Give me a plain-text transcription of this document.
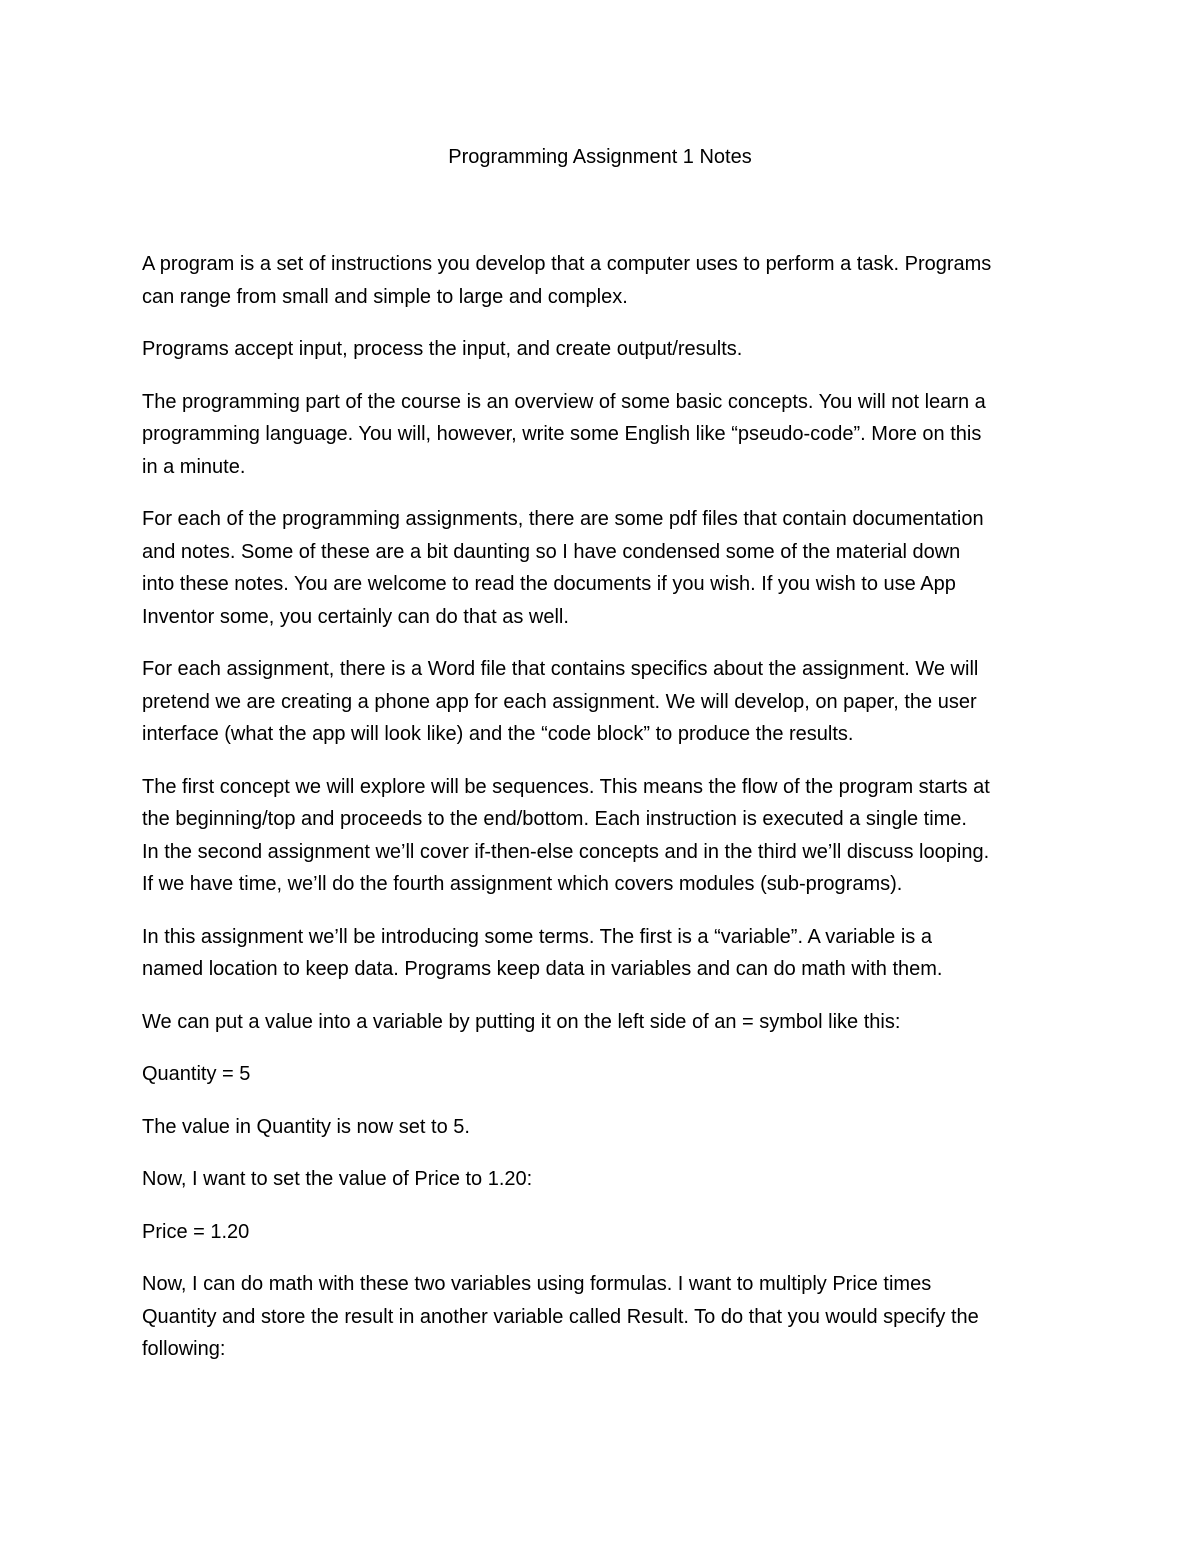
Programming Assignment 1 Notes

A program is a set of instructions you develop that a computer uses to perform a task. Programs
can range from small and simple to large and complex.

Programs accept input, process the input, and create output/results.

The programming part of the course is an overview of some basic concepts. You will not learn a
programming language. You will, however, write some English like “pseudo-code”. More on this
in a minute.

For each of the programming assignments, there are some pdf files that contain documentation
and notes. Some of these are a bit daunting so I have condensed some of the material down
into these notes. You are welcome to read the documents if you wish. If you wish to use App
Inventor some, you certainly can do that as well.

For each assignment, there is a Word file that contains specifics about the assignment. We will
pretend we are creating a phone app for each assignment. We will develop, on paper, the user
interface (what the app will look like) and the “code block” to produce the results.

The first concept we will explore will be sequences. This means the flow of the program starts at
the beginning/top and proceeds to the end/bottom. Each instruction is executed a single time.
In the second assignment we’ll cover if-then-else concepts and in the third we’ll discuss looping.
If we have time, we’ll do the fourth assignment which covers modules (sub-programs).

In this assignment we’ll be introducing some terms. The first is a “variable”. A variable is a
named location to keep data. Programs keep data in variables and can do math with them.

We can put a value into a variable by putting it on the left side of an = symbol like this:

Quantity = 5

The value in Quantity is now set to 5.

Now, I want to set the value of Price to 1.20:

Price = 1.20

Now, I can do math with these two variables using formulas. I want to multiply Price times
Quantity and store the result in another variable called Result. To do that you would specify the
following:
